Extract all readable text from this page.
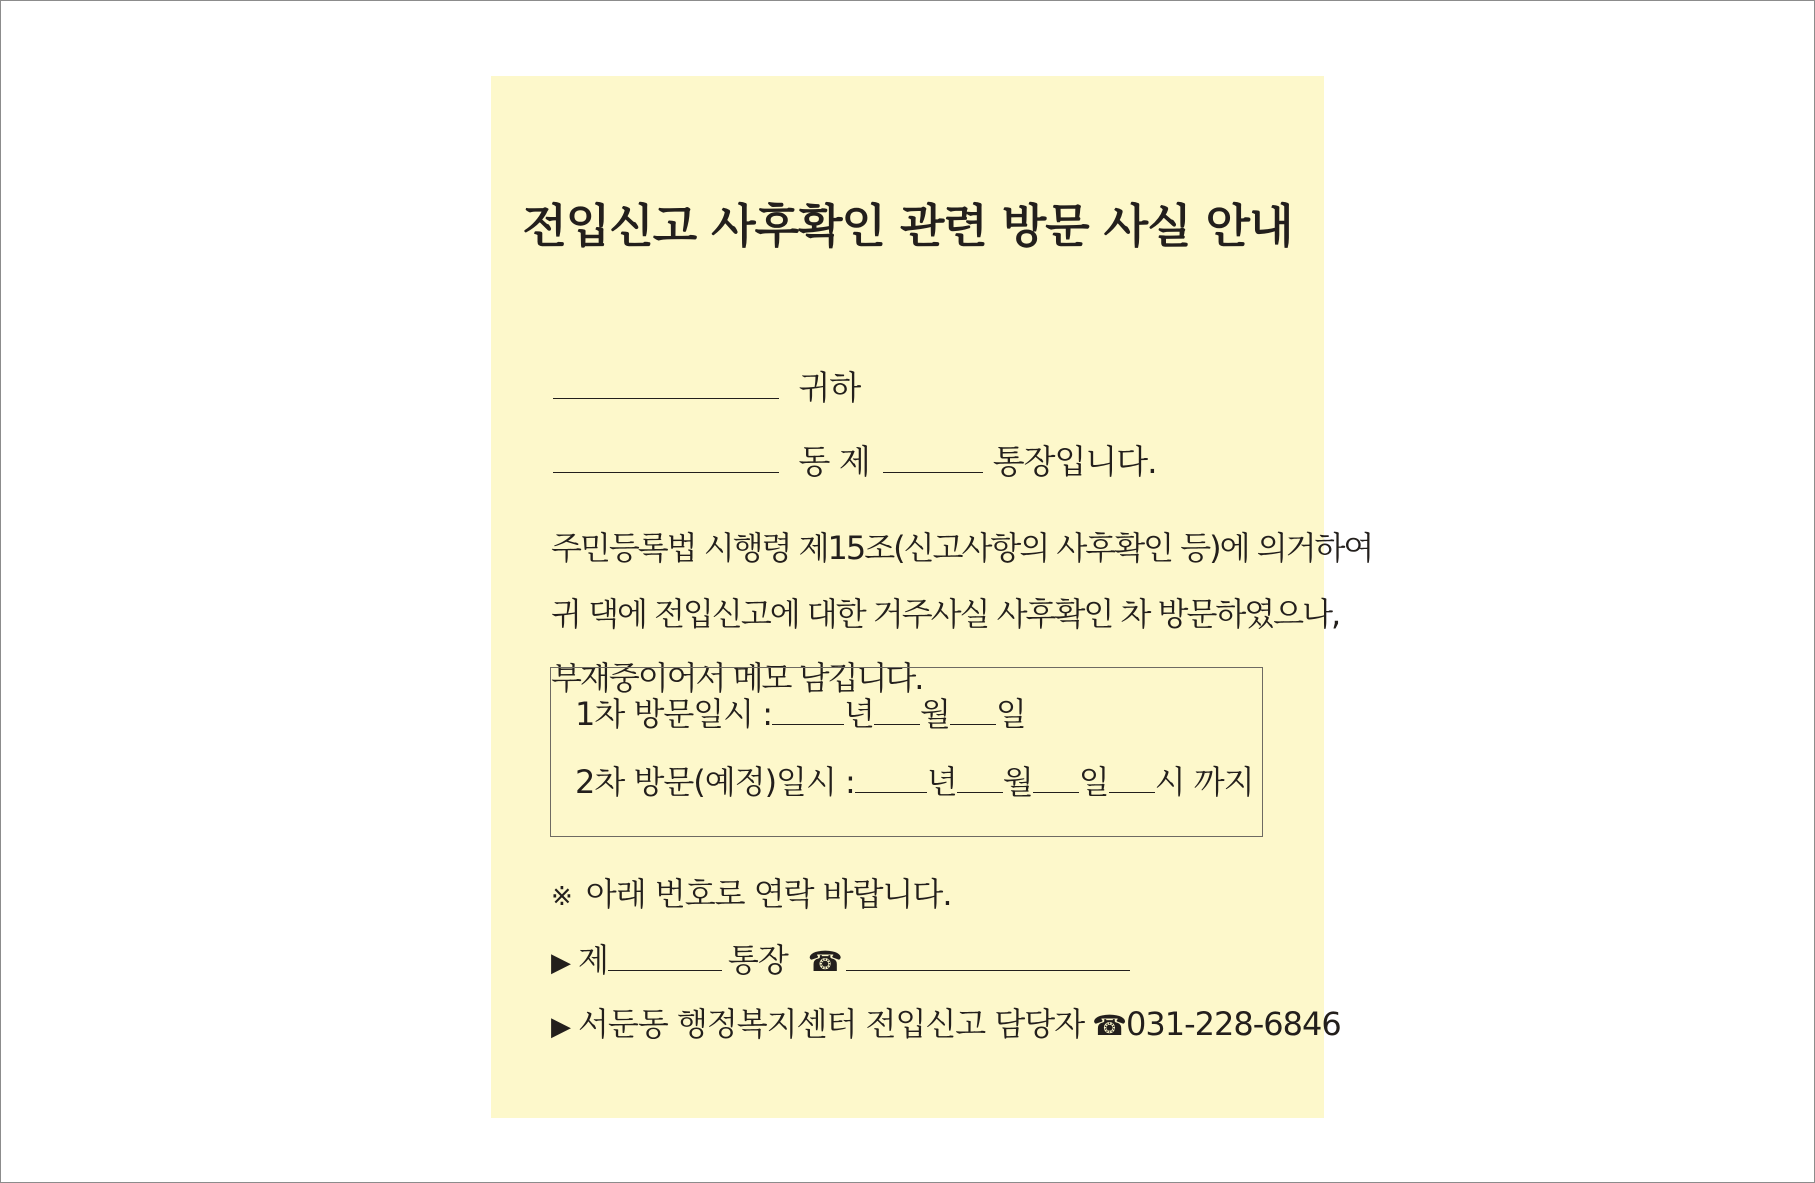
전입신고 사후확인 관련 방문 사실 안내
귀하
동 제	통장입니다.
주민등록법 시행령 제15조(신고사항의 사후확인 등)에 의거하여
귀 댁에 전입신고에 대한 거주사실 사후확인 차 방문하였으나,
부재중이어서 메모 남깁니다.
1차 방문일시 : 년 월 일
2차 방문(예정)일시 : 년 월 일 시 까지
※ 아래 번호로 연락 바랍니다.
▶ 제	통장 ☎
▶ 서둔동 행정복지센터 전입신고 담당자 ☎031-228-6846
